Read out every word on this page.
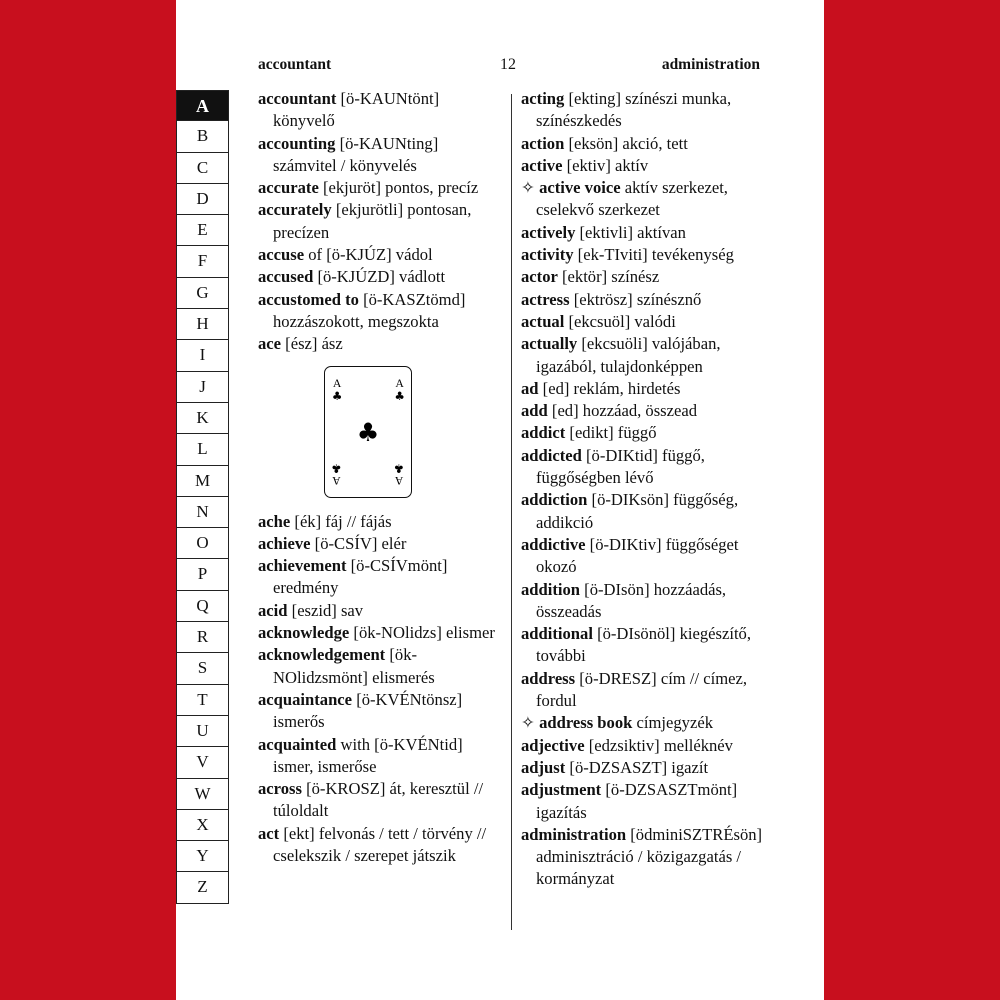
accountant	12	administration
A
B
C
D
E
F
G
H
I
J
K
L
M
N
O
P
Q
R
S
T
U
V
W
X
Y
Z

accountant [ö-KAUNtönt] könyvelő

accounting [ö-KAUNting] számvitel / könyvelés

accurate [ekjuröt] pontos, precíz

accurately [ekjurötli] pontosan, precízen

accuse of [ö-KJÚZ] vádol

accused [ö-KJÚZD] vádlott

accustomed to [ö-KASZtömd] hozzászokott, megszokta

ace [ész] ász

A
♣
A
♣
♣
A
♣
A
♣

ache [ék] fáj // fájás

achieve [ö-CSÍV] elér

achievement [ö-CSÍVmönt] eredmény

acid [eszid] sav

acknowledge [ök-NOlidzs] elismer

acknowledgement [ök-NOlidzsmönt] elismerés

acquaintance [ö-KVÉNtönsz] ismerős

acquainted with [ö-KVÉNtid] ismer, ismerőse

across [ö-KROSZ] át, keresztül // túloldalt

act [ekt] felvonás / tett / törvény // cselekszik / szerepet játszik

acting [ekting] színészi munka, színészkedés

action [eksön] akció, tett

active [ektiv] aktív

✧ active voice aktív szerkezet, cselekvő szerkezet

actively [ektivli] aktívan

activity [ek-TIviti] tevékenység

actor [ektör] színész

actress [ektrösz] színésznő

actual [ekcsuöl] valódi

actually [ekcsuöli] valójában, igazából, tulajdonképpen

ad [ed] reklám, hirdetés

add [ed] hozzáad, összead

addict [edikt] függő

addicted [ö-DIKtid] függő, függőségben lévő

addiction [ö-DIKsön] függőség, addikció

addictive [ö-DIKtiv] függőséget okozó

addition [ö-DIsön] hozzáadás, összeadás

additional [ö-DIsönöl] kiegészítő, további

address [ö-DRESZ] cím // címez, fordul

✧ address book címjegyzék

adjective [edzsiktiv] melléknév

adjust [ö-DZSASZT] igazít

adjustment [ö-DZSASZTmönt] igazítás

administration [ödminiSZTRÉsön] adminisztráció / közigazgatás / kormányzat
